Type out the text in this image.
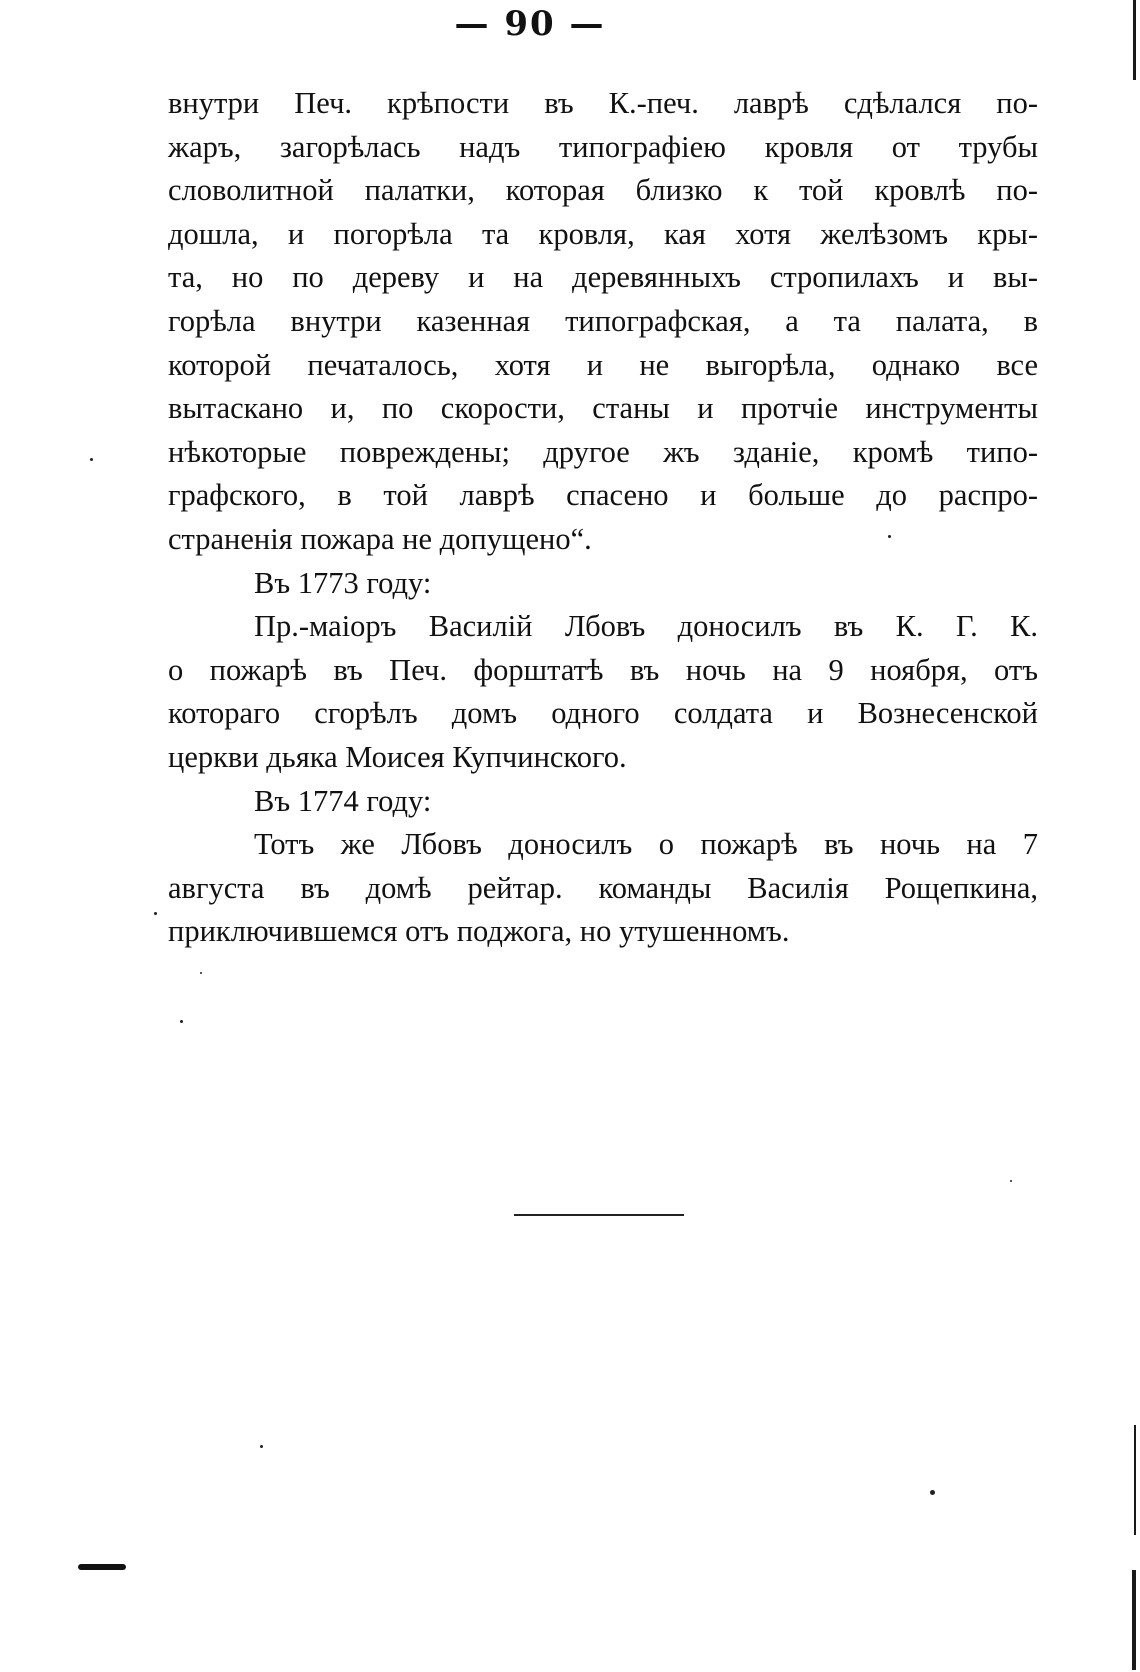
— 90 —
внутри Печ. крѣпости въ К.-печ. лаврѣ сдѣлался по-
жаръ, загорѣлась надъ типографіею кровля от трубы
словолитной палатки, которая близко к той кровлѣ по-
дошла, и погорѣла та кровля, кая хотя желѣзомъ кры-
та, но по дереву и на деревянныхъ стропилахъ и вы-
горѣла внутри казенная типографская, а та палата, в
которой печаталось, хотя и не выгорѣла, однако все
вытаскано и, по скорости, станы и протчіе инструменты
нѣкоторые повреждены; другое жъ зданіе, кромѣ типо-
графского, в той лаврѣ спасено и больше до распро-
страненія пожара не допущено“.
Въ 1773 году:
Пр.-маіоръ Василій Лбовъ доносилъ въ К. Г. К.
о пожарѣ въ Печ. форштатѣ въ ночь на 9 ноября, отъ
котораго сгорѣлъ домъ одного солдата и Вознесенской
церкви дьяка Моисея Купчинского.
Въ 1774 году:
Тотъ же Лбовъ доносилъ о пожарѣ въ ночь на 7
августа въ домѣ рейтар. команды Василія Рощепкина,
приключившемся отъ поджога, но утушенномъ.
